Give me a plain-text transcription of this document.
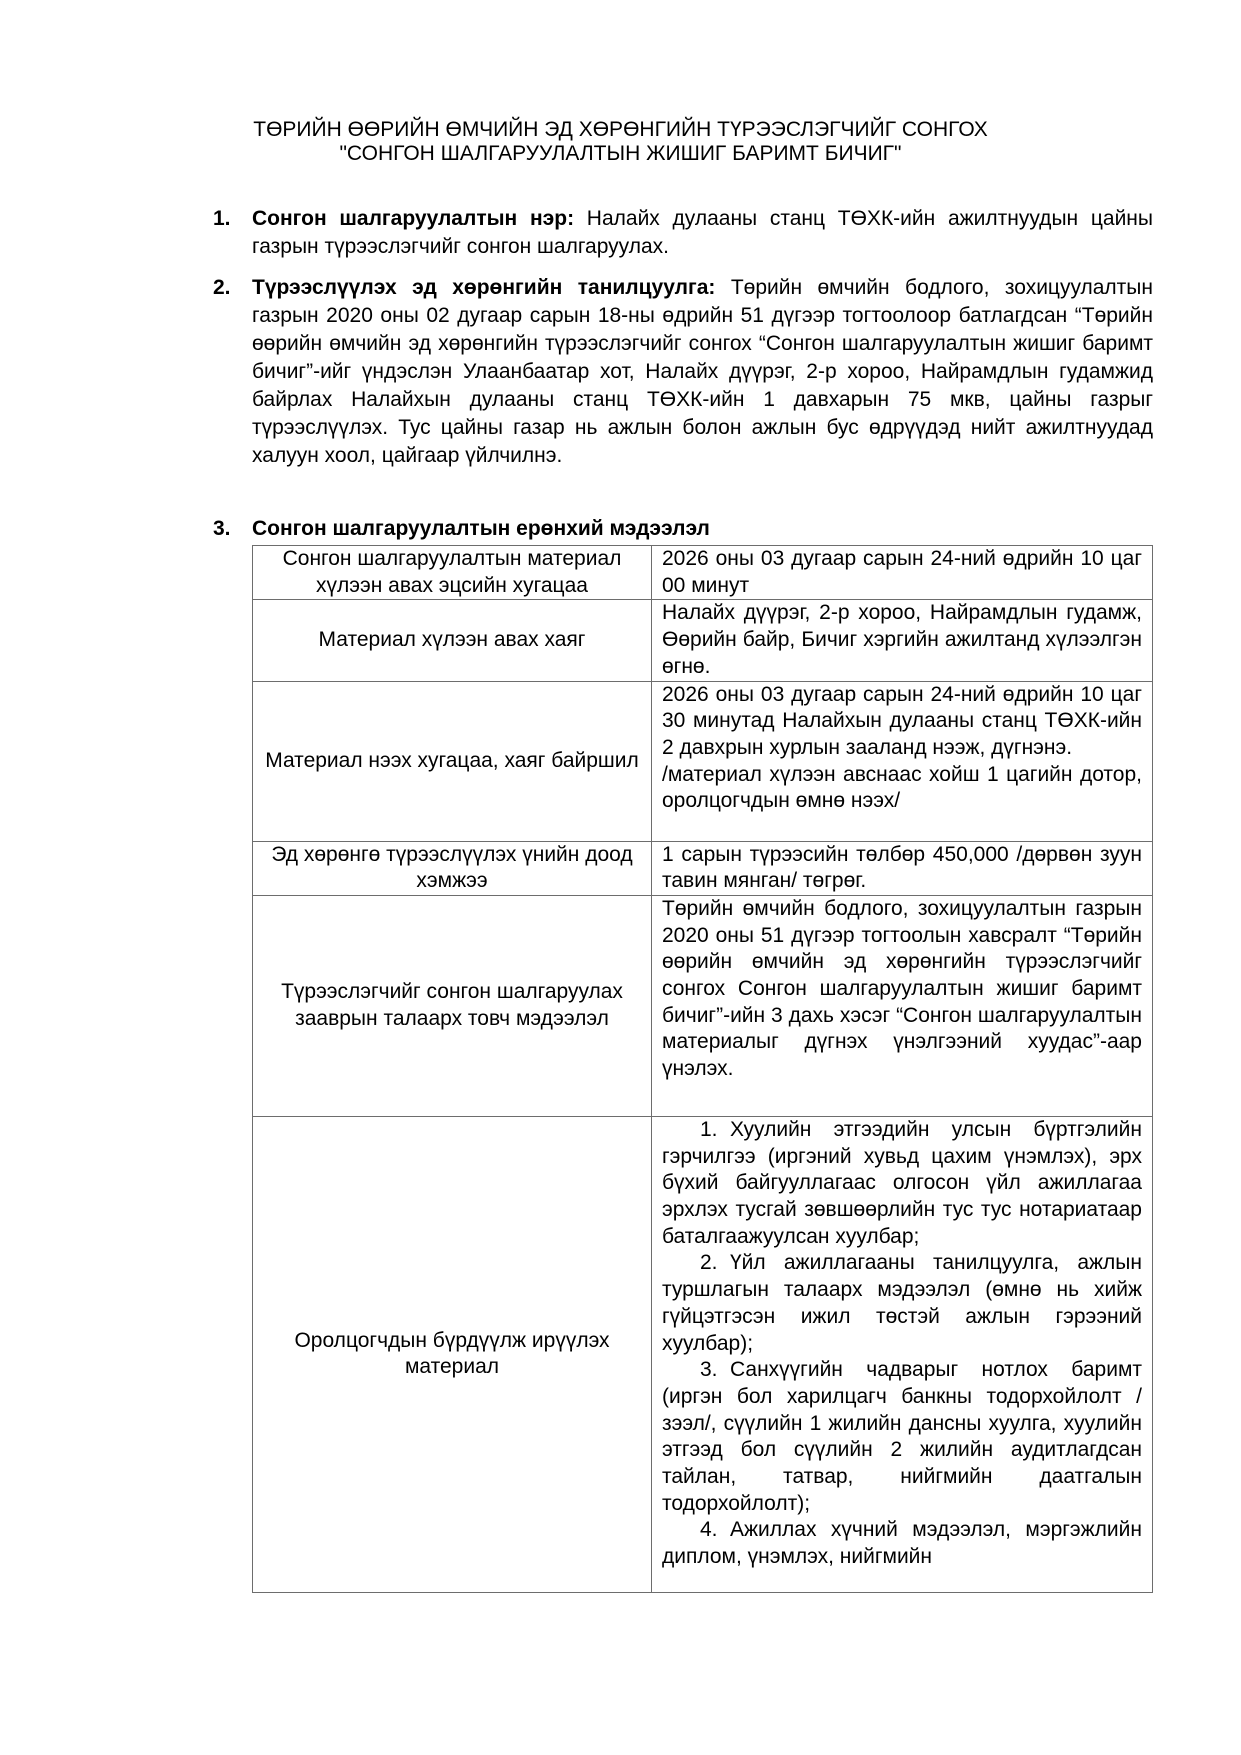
ТӨРИЙН ӨӨРИЙН ӨМЧИЙН ЭД ХӨРӨНГИЙН ТҮРЭЭСЛЭГЧИЙГ СОНГОХ
"СОНГОН ШАЛГАРУУЛАЛТЫН ЖИШИГ БАРИМТ БИЧИГ"
1. Сонгон шалгаруулалтын нэр: Налайх дулааны станц ТӨХК-ийн ажилтнуудын цайны газрын түрээслэгчийг сонгон шалгаруулах.
2. Түрээслүүлэх эд хөрөнгийн танилцуулга: Төрийн өмчийн бодлого, зохицуулалтын газрын 2020 оны 02 дугаар сарын 18-ны өдрийн 51 дүгээр тогтоолоор батлагдсан “Төрийн өөрийн өмчийн эд хөрөнгийн түрээслэгчийг сонгох “Сонгон шалгаруулалтын жишиг баримт бичиг”-ийг үндэслэн Улаанбаатар хот, Налайх дүүрэг, 2-р хороо, Найрамдлын гудамжид байрлах Налайхын дулааны станц ТӨХК-ийн 1 давхарын 75 мкв, цайны газрыг түрээслүүлэх. Тус цайны газар нь ажлын болон ажлын бус өдрүүдэд нийт ажилтнуудад халуун хоол, цайгаар үйлчилнэ.
3. Сонгон шалгаруулалтын ерөнхий мэдээлэл
Сонгон шалгаруулалтын материал хүлээн авах эцсийн хугацаа	2026 оны 03 дугаар сарын 24-ний өдрийн 10 цаг 00 минут
Материал хүлээн авах хаяг	Налайх дүүрэг, 2-р хороо, Найрамдлын гудамж, Өөрийн байр, Бичиг хэргийн ажилтанд хүлээлгэн өгнө.
Материал нээх хугацаа, хаяг байршил	2026 оны 03 дугаар сарын 24-ний өдрийн 10 цаг 30 минутад Налайхын дулааны станц ТӨХК-ийн 2 давхрын хурлын зааланд нээж, дүгнэнэ.
/материал хүлээн авснаас хойш 1 цагийн дотор, оролцогчдын өмнө нээх/

Эд хөрөнгө түрээслүүлэх үнийн доод хэмжээ	1 сарын түрээсийн төлбөр 450,000 /дөрвөн зуун тавин мянган/ төгрөг.
Түрээслэгчийг сонгон шалгаруулах зааврын талаарх товч мэдээлэл	Төрийн өмчийн бодлого, зохицуулалтын газрын 2020 оны 51 дүгээр тогтоолын хавсралт “Төрийн өөрийн өмчийн эд хөрөнгийн түрээслэгчийг сонгох Сонгон шалгаруулалтын жишиг баримт бичиг”-ийн 3 дахь хэсэг “Сонгон шалгаруулалтын материалыг дүгнэх үнэлгээний хуудас”-аар үнэлэх.
Оролцогчдын бүрдүүлж ирүүлэх материал	1. Хуулийн этгээдийн улсын бүртгэлийн гэрчилгээ (иргэний хувьд цахим үнэмлэх), эрх бүхий байгууллагаас олгосон үйл ажиллагаа эрхлэх тусгай зөвшөөрлийн тус тус нотариатаар баталгаажуулсан хуулбар;
2. Үйл ажиллагааны танилцуулга, ажлын туршлагын талаарх мэдээлэл (өмнө нь хийж гүйцэтгэсэн ижил төстэй ажлын гэрээний хуулбар);
3. Санхүүгийн чадварыг нотлох баримт (иргэн бол харилцагч банкны тодорхойлолт /зээл/, сүүлийн 1 жилийн дансны хуулга, хуулийн этгээд бол сүүлийн 2 жилийн аудитлагдсан тайлан, татвар, нийгмийн даатгалын тодорхойлолт);
4. Ажиллах хүчний мэдээлэл, мэргэжлийн диплом, үнэмлэх, нийгмийн
